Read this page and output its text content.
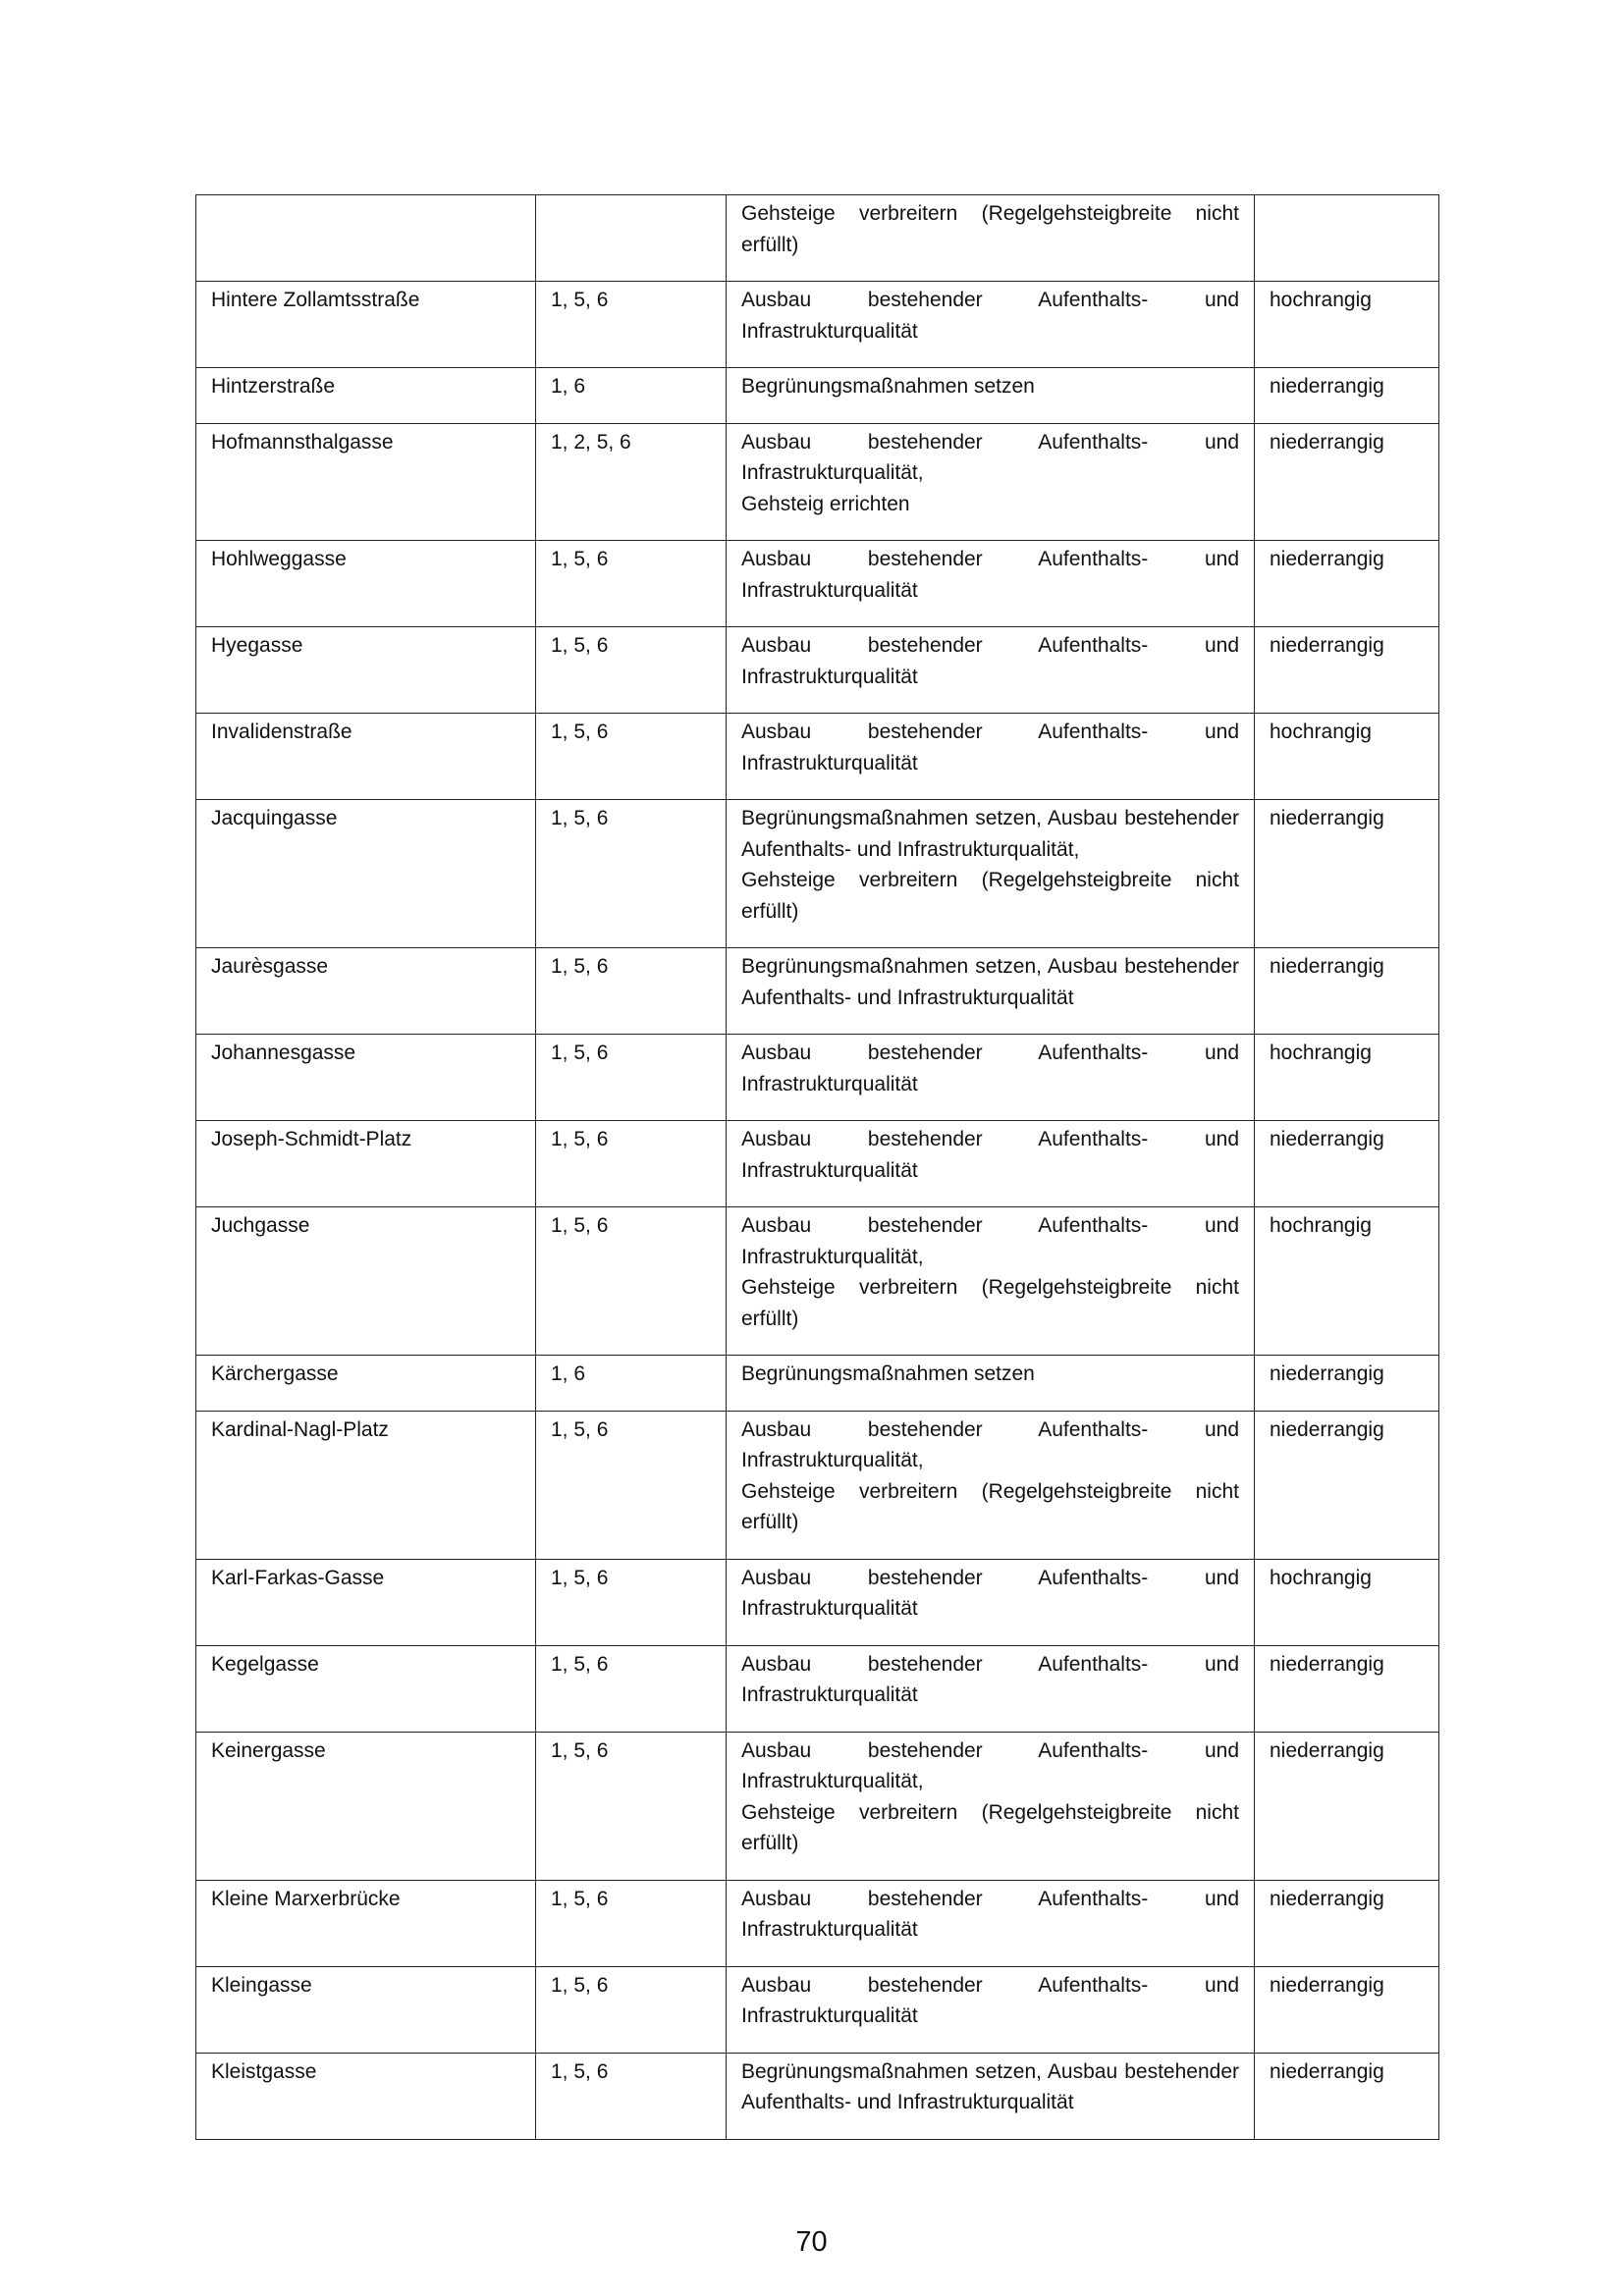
		Gehsteige verbreitern (Regelgehsteigbreite nicht erfüllt)	

Hintere Zollamtsstraße	1, 5, 6	Ausbau bestehender Aufenthalts- und Infrastrukturqualität	hochrangig
Hintzerstraße	1, 6	Begrünungsmaßnahmen setzen	niederrangig
Hofmannsthalgasse	1, 2, 5, 6	Ausbau bestehender Aufenthalts- und Infrastrukturqualität,
Gehsteig errichten	niederrangig
Hohlweggasse	1, 5, 6	Ausbau bestehender Aufenthalts- und Infrastrukturqualität	niederrangig
Hyegasse	1, 5, 6	Ausbau bestehender Aufenthalts- und Infrastrukturqualität	niederrangig
Invalidenstraße	1, 5, 6	Ausbau bestehender Aufenthalts- und Infrastrukturqualität	hochrangig
Jacquingasse	1, 5, 6	Begrünungsmaßnahmen setzen, Ausbau bestehender Aufenthalts- und Infrastrukturqualität,
Gehsteige verbreitern (Regelgehsteigbreite nicht erfüllt)	niederrangig
Jaurèsgasse	1, 5, 6	Begrünungsmaßnahmen setzen, Ausbau bestehender Aufenthalts- und Infrastrukturqualität	niederrangig
Johannesgasse	1, 5, 6	Ausbau bestehender Aufenthalts- und Infrastrukturqualität	hochrangig
Joseph-Schmidt-Platz	1, 5, 6	Ausbau bestehender Aufenthalts- und Infrastrukturqualität	niederrangig
Juchgasse	1, 5, 6	Ausbau bestehender Aufenthalts- und Infrastrukturqualität,
Gehsteige verbreitern (Regelgehsteigbreite nicht erfüllt)	hochrangig
Kärchergasse	1, 6	Begrünungsmaßnahmen setzen	niederrangig
Kardinal-Nagl-Platz	1, 5, 6	Ausbau bestehender Aufenthalts- und Infrastrukturqualität,
Gehsteige verbreitern (Regelgehsteigbreite nicht erfüllt)	niederrangig
Karl-Farkas-Gasse	1, 5, 6	Ausbau bestehender Aufenthalts- und Infrastrukturqualität	hochrangig
Kegelgasse	1, 5, 6	Ausbau bestehender Aufenthalts- und Infrastrukturqualität	niederrangig
Keinergasse	1, 5, 6	Ausbau bestehender Aufenthalts- und Infrastrukturqualität,
Gehsteige verbreitern (Regelgehsteigbreite nicht erfüllt)	niederrangig
Kleine Marxerbrücke	1, 5, 6	Ausbau bestehender Aufenthalts- und Infrastrukturqualität	niederrangig
Kleingasse	1, 5, 6	Ausbau bestehender Aufenthalts- und Infrastrukturqualität	niederrangig
Kleistgasse	1, 5, 6	Begrünungsmaßnahmen setzen, Ausbau bestehender Aufenthalts- und Infrastrukturqualität	niederrangig
70
